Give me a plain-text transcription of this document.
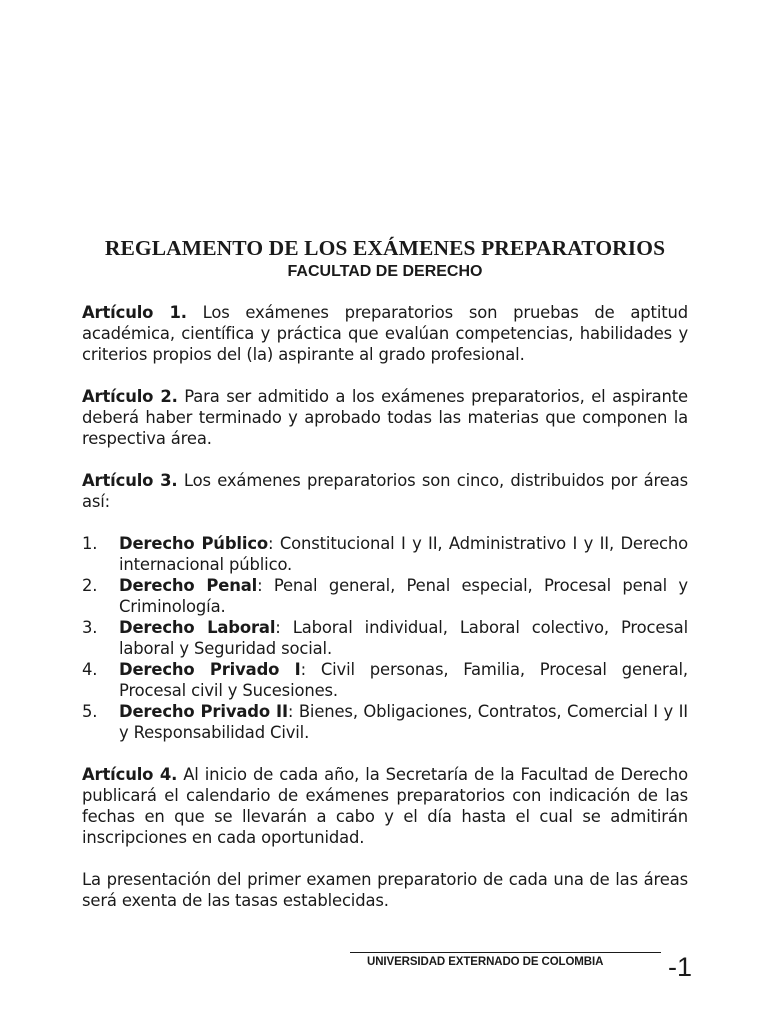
REGLAMENTO DE LOS EXÁMENES PREPARATORIOS
FACULTAD DE DERECHO

Artículo 1. Los exámenes preparatorios son pruebas de aptitud académica, científica y práctica que evalúan competencias, habilidades y criterios propios del (la) aspirante al grado profesional.

Artículo 2. Para ser admitido a los exámenes preparatorios, el aspirante deberá haber terminado y aprobado todas las materias que componen la respectiva área.

Artículo 3. Los exámenes preparatorios son cinco, distribuidos por áreas así:

1. Derecho Público: Constitucional I y II, Administrativo I y II, Derecho internacional público.
2. Derecho Penal: Penal general, Penal especial, Procesal penal y Criminología.
3. Derecho Laboral: Laboral individual, Laboral colectivo, Procesal laboral y Seguridad social.
4. Derecho Privado I: Civil personas, Familia, Procesal general, Procesal civil y Sucesiones.
5. Derecho Privado II: Bienes, Obligaciones, Contratos, Comercial I y II y Responsabilidad Civil.

Artículo 4. Al inicio de cada año, la Secretaría de la Facultad de Derecho publicará el calendario de exámenes preparatorios con indicación de las fechas en que se llevarán a cabo y el día hasta el cual se admitirán inscripciones en cada oportunidad.

La presentación del primer examen preparatorio de cada una de las áreas será exenta de las tasas establecidas.

UNIVERSIDAD EXTERNADO DE COLOMBIA -1
